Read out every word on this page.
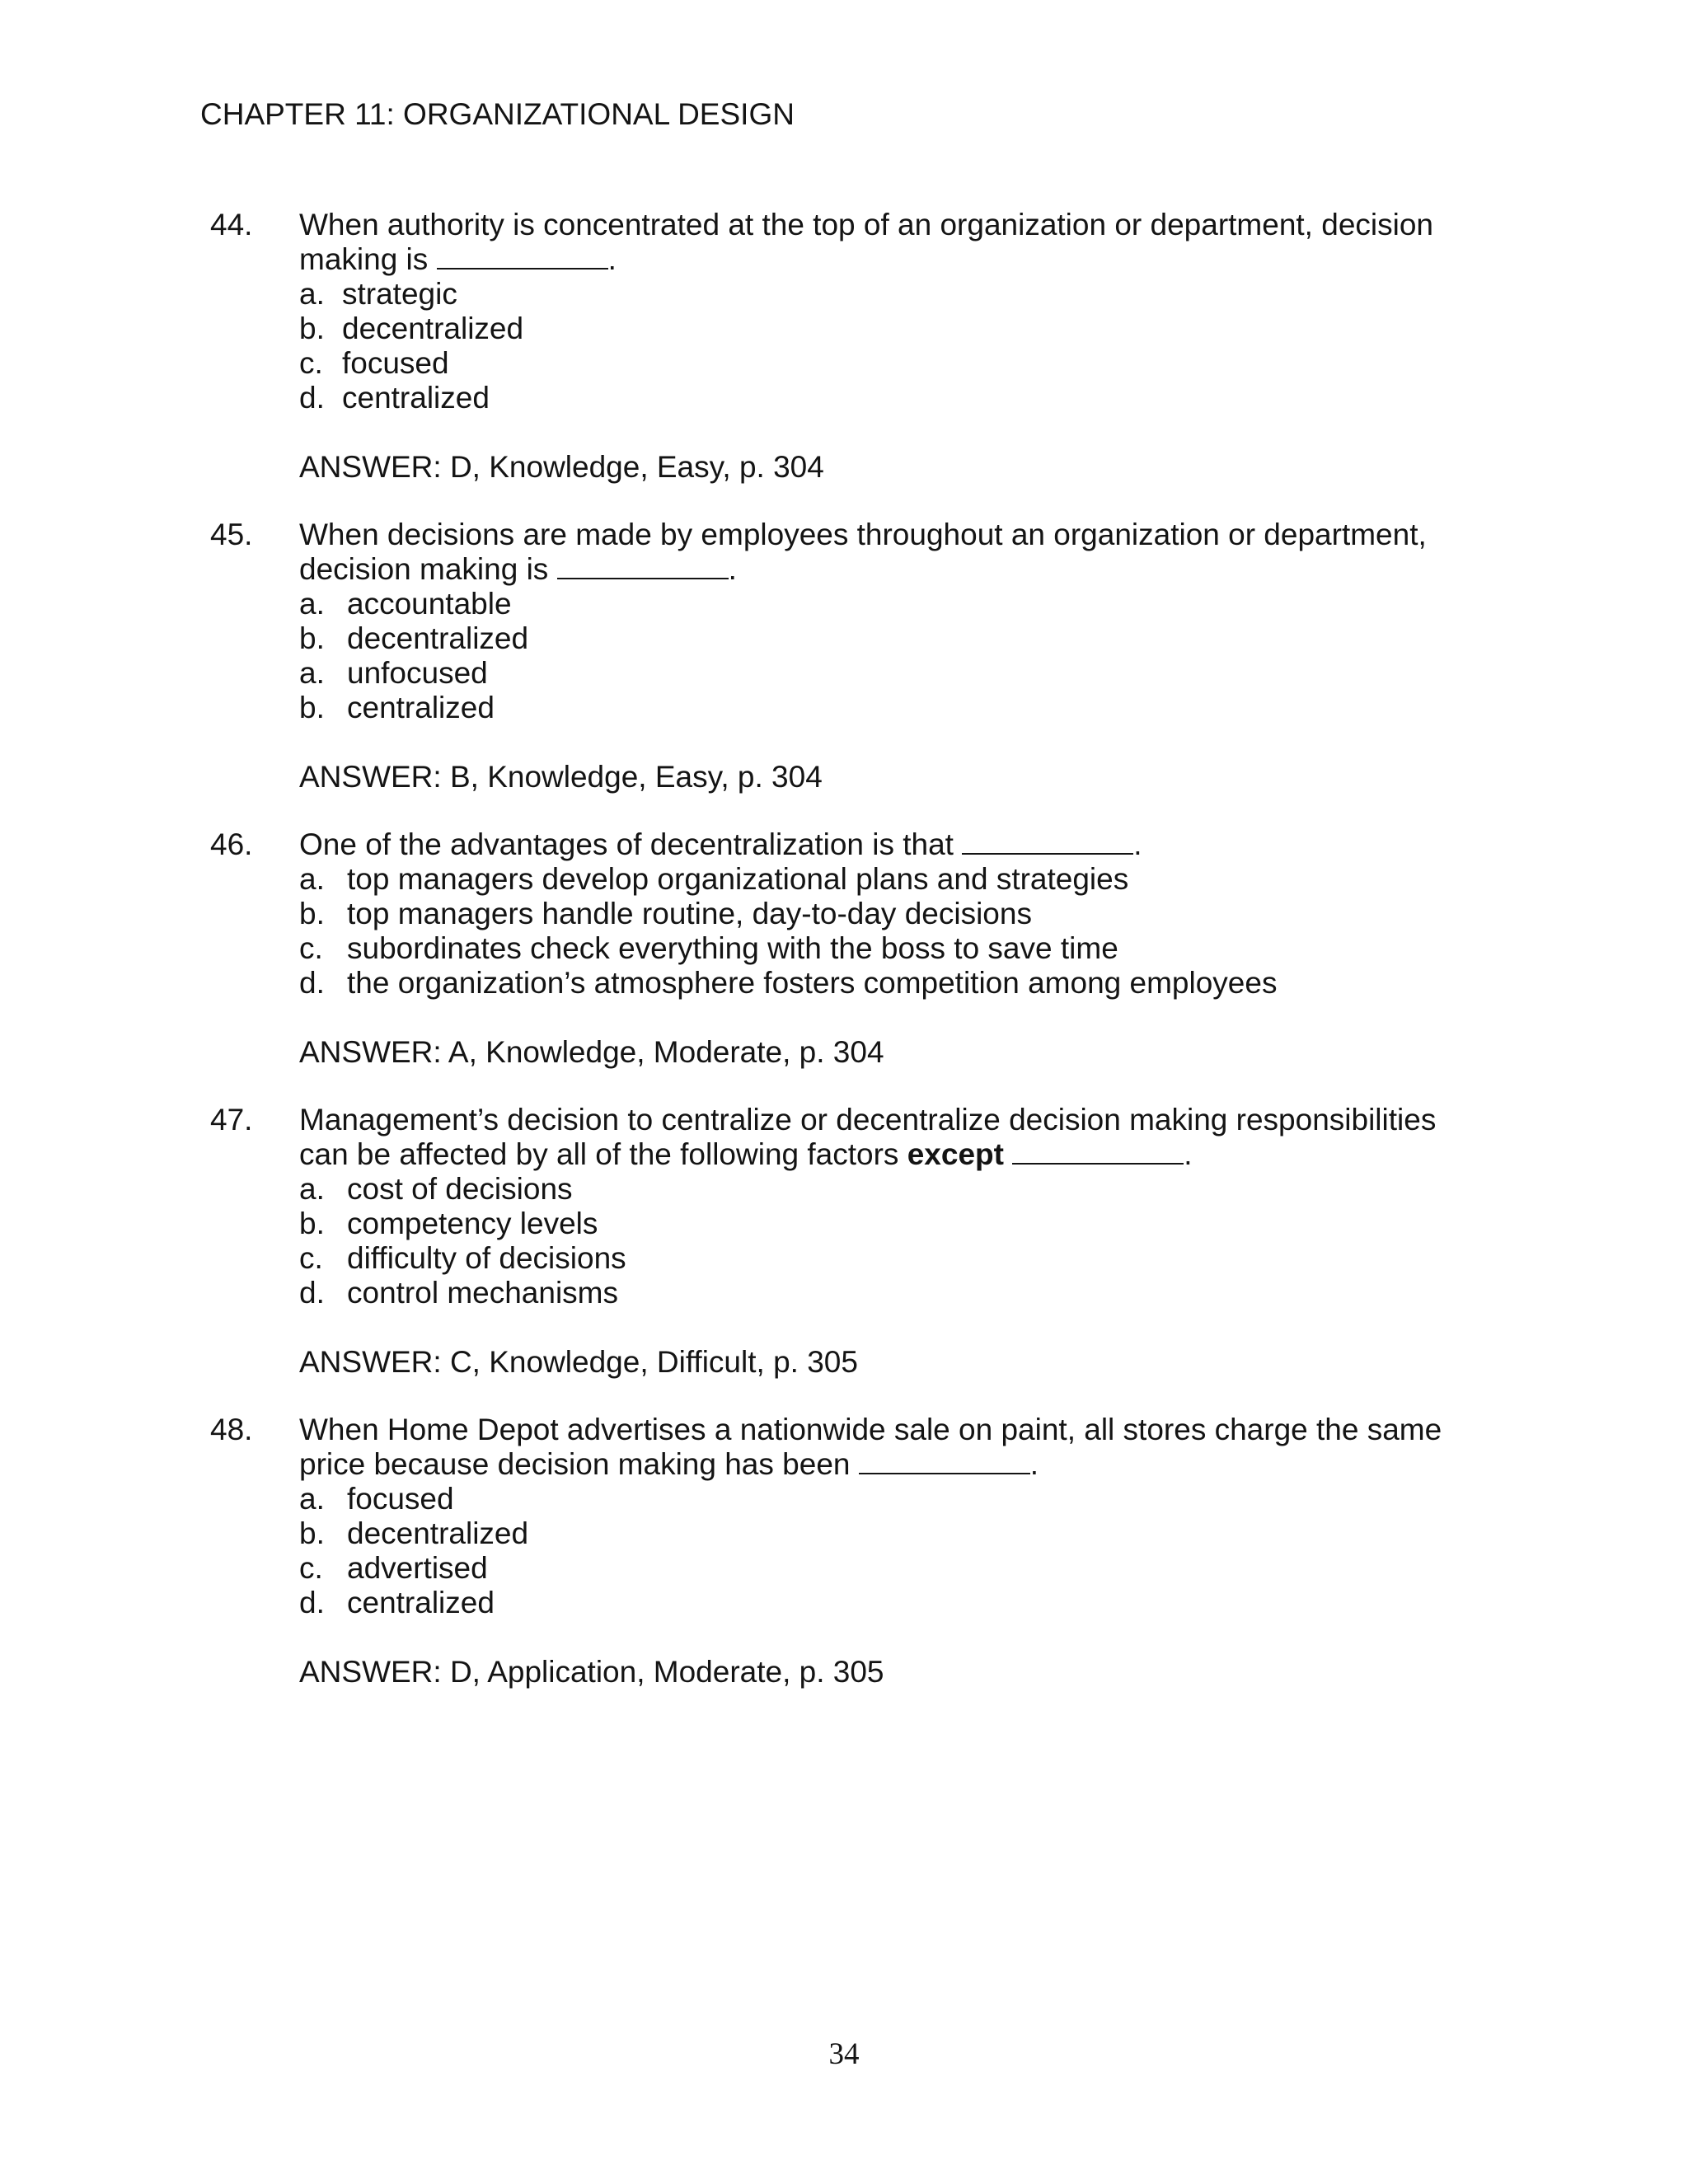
CHAPTER 11: ORGANIZATIONAL DESIGN
44. When authority is concentrated at the top of an organization or department, decision making is	.

a. strategic
b. decentralized
c. focused
d. centralized
ANSWER: D, Knowledge, Easy, p. 304
45. When decisions are made by employees throughout an organization or department, decision making is	.

a. accountable
b. decentralized
a. unfocused
b. centralized
ANSWER: B, Knowledge, Easy, p. 304
46. One of the advantages of decentralization is that	.

a. top managers develop organizational plans and strategies
b. top managers handle routine, day-to-day decisions
c. subordinates check everything with the boss to save time
d. the organization’s atmosphere fosters competition among employees
ANSWER: A, Knowledge, Moderate, p. 304
47. Management’s decision to centralize or decentralize decision making responsibilities can be affected by all of the following factors except	.

a. cost of decisions
b. competency levels
c. difficulty of decisions
d. control mechanisms
ANSWER: C, Knowledge, Difficult, p. 305
48. When Home Depot advertises a nationwide sale on paint, all stores charge the same price because decision making has been	.

a. focused
b. decentralized
c. advertised
d. centralized
ANSWER: D, Application, Moderate, p. 305
34
